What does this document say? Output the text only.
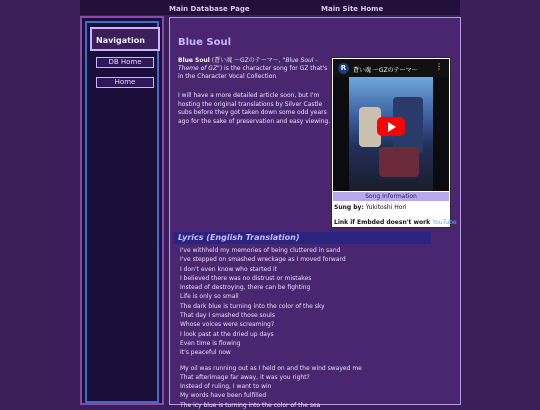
Main Database Page	Main Site Home
Navigation
DB Home
Home
Blue Soul
Blue Soul (蒼い魂 〜GZのテーマ〜, "Blue Soul - Theme of GZ") is the character song for GZ that's in the Character Vocal Collection
I will have a more detailed article soon, but I'm hosting the original translations by Silver Castle subs before they got taken down some odd years ago for the sake of preservation and easy viewing.
R	蒼い魂 〜GZのテーマ〜 ⋮
Song Information
Sung by: Yukitoshi Hori
Link if Embded doesn't work YouTube
Lyrics (English Translation)
I've withheld my memories of being cluttered in sand
I've stepped on smashed wreckage as I moved forward
I don't even know who started it
I believed there was no distrust or mistakes
Instead of destroying, there can be fighting
Life is only so small
The dark blue is turning into the color of the sky
That day I smashed those souls
Whose voices were screaming?
I look past at the dried up days
Even time is flowing
It's peaceful now
My oil was running out as I held on and the wind swayed me
That afterimage far away, it was you right?
Instead of ruling, I want to win
My words have been fulfilled
The icy blue is turning into the color of the sea
